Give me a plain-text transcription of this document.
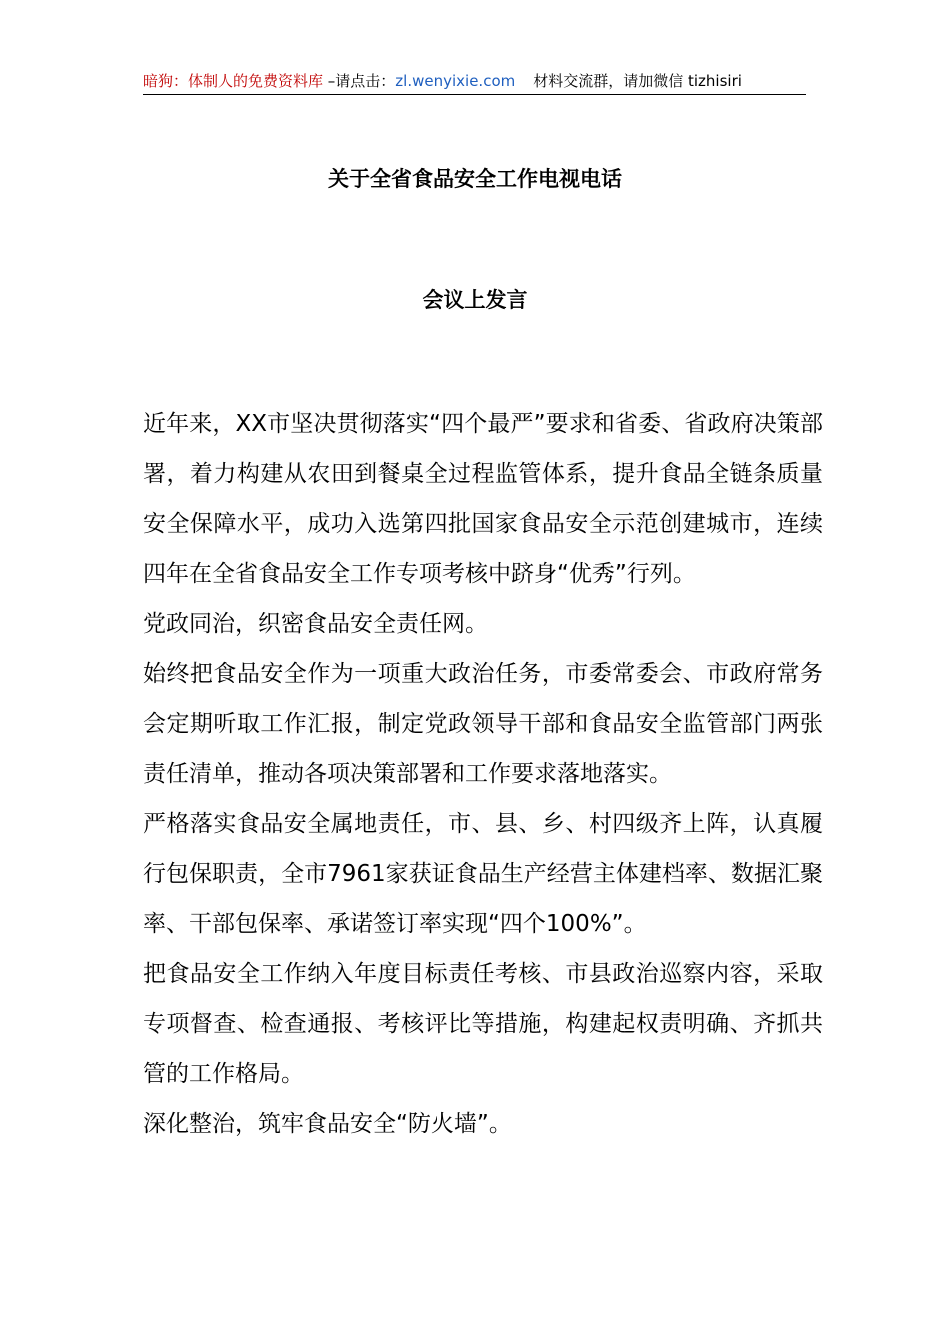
暗狗：体制人的免费资料库 –请点击：zl.wenyixie.com 材料交流群，请加微信 tizhisiri
关于全省食品安全工作电视电话
会议上发言

近年来，XX市坚决贯彻落实“四个最严”要求和省委、省政府决策部署，着力构建从农田到餐桌全过程监管体系，提升食品全链条质量安全保障水平，成功入选第四批国家食品安全示范创建城市，连续四年在全省食品安全工作专项考核中跻身“优秀”行列。

党政同治，织密食品安全责任网。

始终把食品安全作为一项重大政治任务，市委常委会、市政府常务会定期听取工作汇报，制定党政领导干部和食品安全监管部门两张责任清单，推动各项决策部署和工作要求落地落实。

严格落实食品安全属地责任，市、县、乡、村四级齐上阵，认真履行包保职责，全市7961家获证食品生产经营主体建档率、数据汇聚率、干部包保率、承诺签订率实现“四个100%”。

把食品安全工作纳入年度目标责任考核、市县政治巡察内容，采取专项督查、检查通报、考核评比等措施，构建起权责明确、齐抓共管的工作格局。

深化整治，筑牢食品安全“防火墙”。
